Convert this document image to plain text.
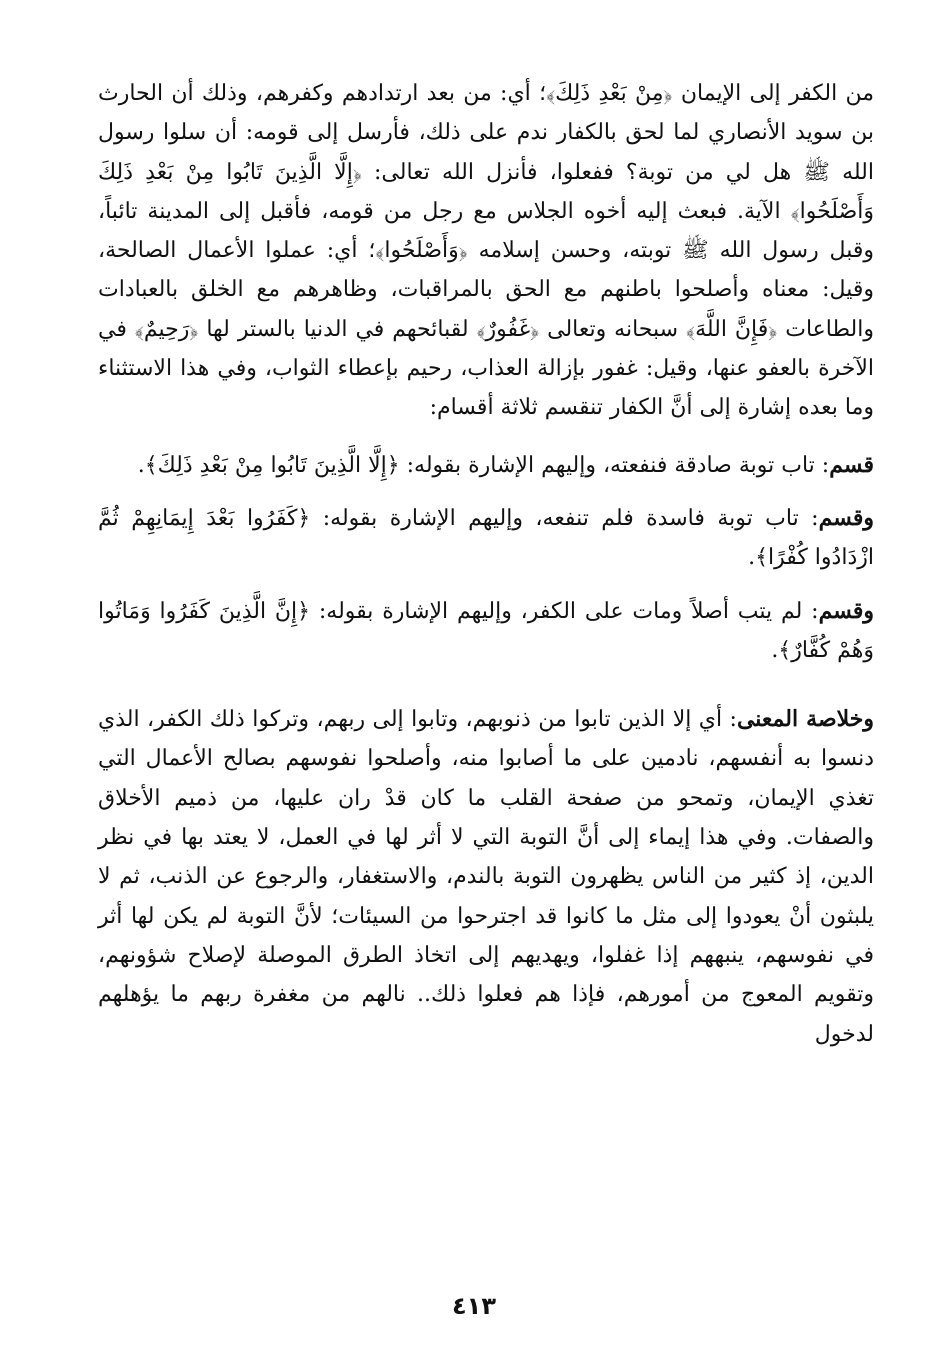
من الكفر إلى الإيمان ﴿مِنْ بَعْدِ ذَلِكَ﴾؛ أي: من بعد ارتدادهم وكفرهم، وذلك أن الحارث بن سويد الأنصاري لما لحق بالكفار ندم على ذلك، فأرسل إلى قومه: أن سلوا رسول الله ﷺ هل لي من توبة؟ ففعلوا، فأنزل الله تعالى: ﴿إِلَّا الَّذِينَ تَابُوا مِنْ بَعْدِ ذَلِكَ وَأَصْلَحُوا﴾ الآية. فبعث إليه أخوه الجلاس مع رجل من قومه، فأقبل إلى المدينة تائباً، وقبل رسول الله ﷺ توبته، وحسن إسلامه ﴿وَأَصْلَحُوا﴾؛ أي: عملوا الأعمال الصالحة، وقيل: معناه وأصلحوا باطنهم مع الحق بالمراقبات، وظاهرهم مع الخلق بالعبادات والطاعات ﴿فَإِنَّ اللَّهَ﴾ سبحانه وتعالى ﴿غَفُورٌ﴾ لقبائحهم في الدنيا بالستر لها ﴿رَحِيمٌ﴾ في الآخرة بالعفو عنها، وقيل: غفور بإزالة العذاب، رحيم بإعطاء الثواب، وفي هذا الاستثناء وما بعده إشارة إلى أنَّ الكفار تنقسم ثلاثة أقسام:

قسم: تاب توبة صادقة فنفعته، وإليهم الإشارة بقوله: ﴿إِلَّا الَّذِينَ تَابُوا مِنْ بَعْدِ ذَلِكَ﴾.

وقسم: تاب توبة فاسدة فلم تنفعه، وإليهم الإشارة بقوله: ﴿كَفَرُوا بَعْدَ إِيمَانِهِمْ ثُمَّ ازْدَادُوا كُفْرًا﴾.

وقسم: لم يتب أصلاً ومات على الكفر، وإليهم الإشارة بقوله: ﴿إِنَّ الَّذِينَ كَفَرُوا وَمَاتُوا وَهُمْ كُفَّارٌ﴾.

وخلاصة المعنى: أي إلا الذين تابوا من ذنوبهم، وتابوا إلى ربهم، وتركوا ذلك الكفر، الذي دنسوا به أنفسهم، نادمين على ما أصابوا منه، وأصلحوا نفوسهم بصالح الأعمال التي تغذي الإيمان، وتمحو من صفحة القلب ما كان قدْ ران عليها، من ذميم الأخلاق والصفات. وفي هذا إيماء إلى أنَّ التوبة التي لا أثر لها في العمل، لا يعتد بها في نظر الدين، إذ كثير من الناس يظهرون التوبة بالندم، والاستغفار، والرجوع عن الذنب، ثم لا يلبثون أنْ يعودوا إلى مثل ما كانوا قد اجترحوا من السيئات؛ لأنَّ التوبة لم يكن لها أثر في نفوسهم، ينبههم إذا غفلوا، ويهديهم إلى اتخاذ الطرق الموصلة لإصلاح شؤونهم، وتقويم المعوج من أمورهم، فإذا هم فعلوا ذلك.. نالهم من مغفرة ربهم ما يؤهلهم لدخول

٤١٣
